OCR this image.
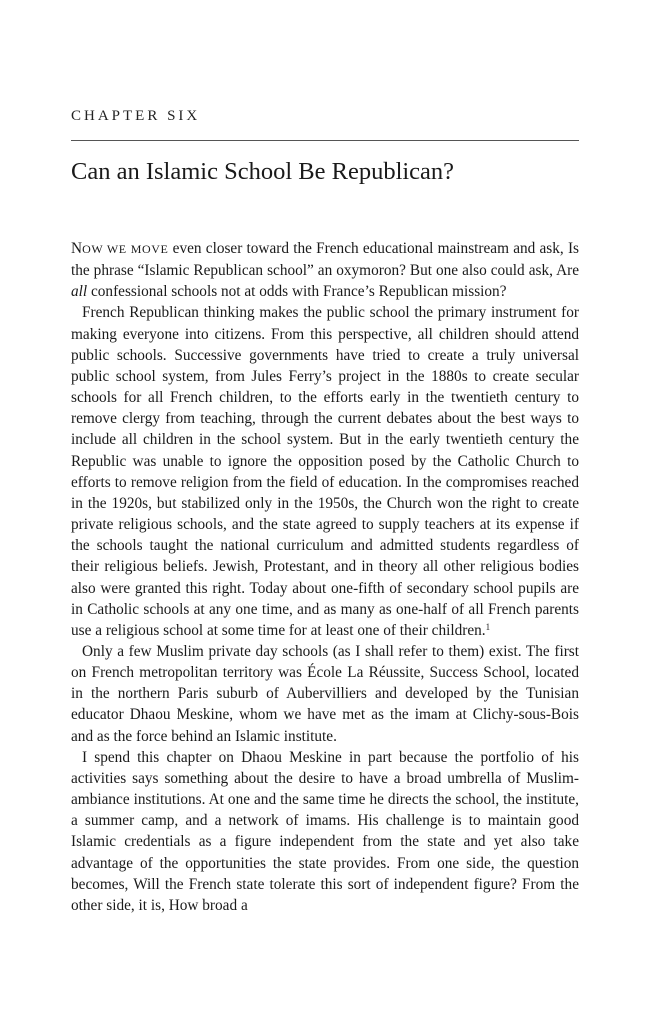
CHAPTER SIX
Can an Islamic School Be Republican?

NOW WE MOVE even closer toward the French educational mainstream and ask, Is the phrase “Islamic Republican school” an oxymoron? But one also could ask, Are all confessional schools not at odds with France’s Republican mission?

French Republican thinking makes the public school the primary instrument for making everyone into citizens. From this perspective, all children should attend public schools. Successive governments have tried to create a truly universal public school system, from Jules Ferry’s project in the 1880s to create secular schools for all French children, to the efforts early in the twentieth century to remove clergy from teaching, through the current debates about the best ways to include all children in the school system. But in the early twentieth century the Republic was unable to ignore the opposition posed by the Catholic Church to efforts to remove religion from the field of education. In the compromises reached in the 1920s, but stabilized only in the 1950s, the Church won the right to create private religious schools, and the state agreed to supply teachers at its expense if the schools taught the national curriculum and admitted students regardless of their religious beliefs. Jewish, Protestant, and in theory all other religious bodies also were granted this right. Today about one-fifth of secondary school pupils are in Catholic schools at any one time, and as many as one-half of all French parents use a religious school at some time for at least one of their children.$^1$

Only a few Muslim private day schools (as I shall refer to them) exist. The first on French metropolitan territory was École La Réussite, Success School, located in the northern Paris suburb of Aubervilliers and developed by the Tunisian educator Dhaou Meskine, whom we have met as the imam at Clichy-sous-Bois and as the force behind an Islamic institute.

I spend this chapter on Dhaou Meskine in part because the portfolio of his activities says something about the desire to have a broad umbrella of Muslim-ambiance institutions. At one and the same time he directs the school, the institute, a summer camp, and a network of imams. His challenge is to maintain good Islamic credentials as a figure independent from the state and yet also take advantage of the opportunities the state provides. From one side, the question becomes, Will the French state tolerate this sort of independent figure? From the other side, it is, How broad a
